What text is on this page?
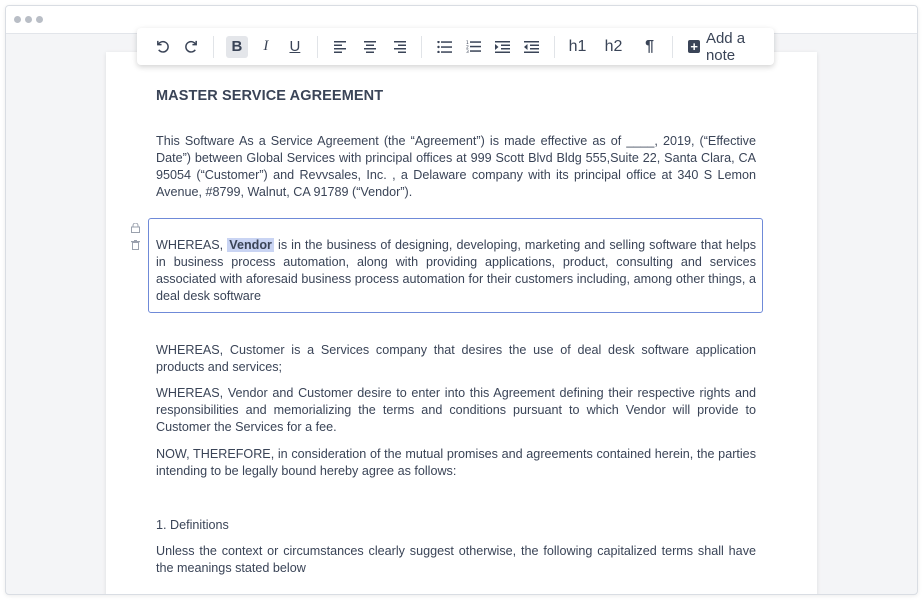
B	I	U	1
2
3	h1 h2	¶	+ Add a note
MASTER SERVICE AGREEMENT

This Software As a Service Agreement (the “Agreement”) is made effective as of ____, 2019, (“Effective Date”) between Global Services with principal offices at 999 Scott Blvd Bldg 555,Suite 22, Santa Clara, CA 95054 (“Customer”) and Revvsales, Inc. , a Delaware company with its principal office at 340 S Lemon Avenue, #8799, Walnut, CA 91789 (“Vendor”).

WHEREAS, Vendor is in the business of designing, developing, marketing and selling software that helps in business process automation, along with providing applications, product, consulting and services associated with aforesaid business process automation for their customers including, among other things, a deal desk software

WHEREAS, Customer is a Services company that desires the use of deal desk software application products and services;

WHEREAS, Vendor and Customer desire to enter into this Agreement defining their respective rights and responsibilities and memorializing the terms and conditions pursuant to which Vendor will provide to Customer the Services for a fee.

NOW, THEREFORE, in consideration of the mutual promises and agreements contained herein, the parties intending to be legally bound hereby agree as follows:

1. Definitions

Unless the context or circumstances clearly suggest otherwise, the following capitalized terms shall have the meanings stated below
